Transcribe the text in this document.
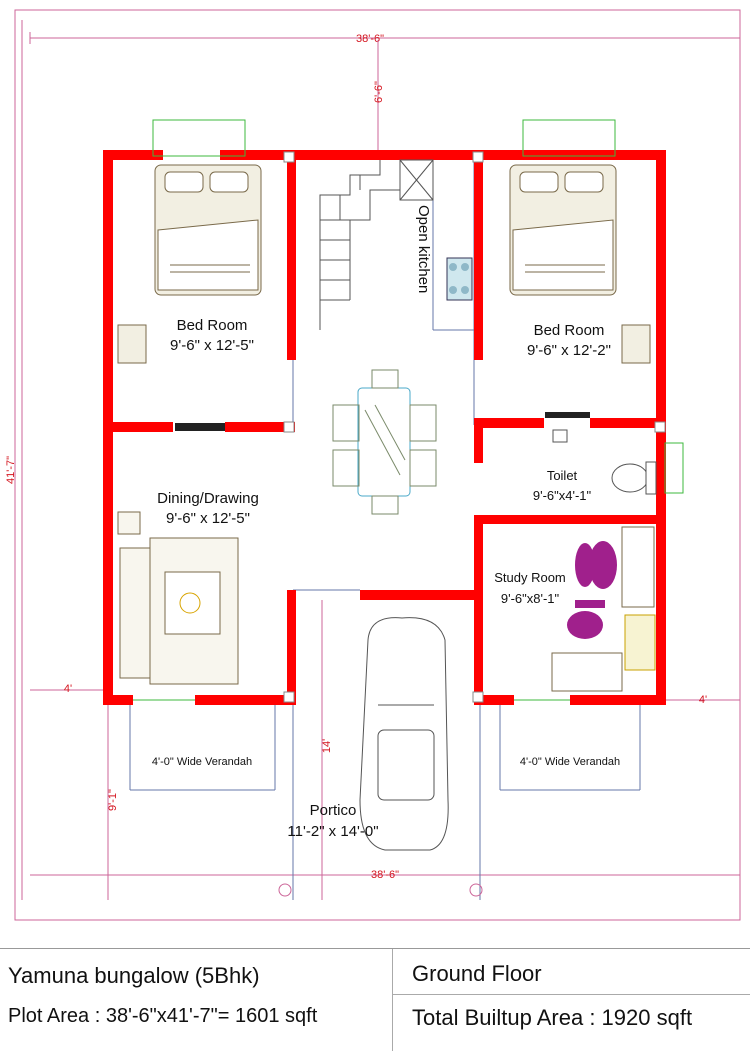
38'-6"
6'-6"
41'-7"
4'
4'
9'-1"
14'
38'-6"
Bed Room
9'-6" x 12'-5"
Bed Room
9'-6" x 12'-2"
Open kitchen
Dining/Drawing
9'-6" x 12'-5"
Toilet
9'-6"x4'-1"
Study Room
9'-6"x8'-1"
4'-0" Wide Verandah	4'-0" Wide Verandah
Portico
11'-2" x 14'-0"
Yamuna bungalow (5Bhk)
Plot Area : 38'-6"x41'-7"= 1601 sqft
Ground Floor
Total Builtup Area : 1920 sqft
